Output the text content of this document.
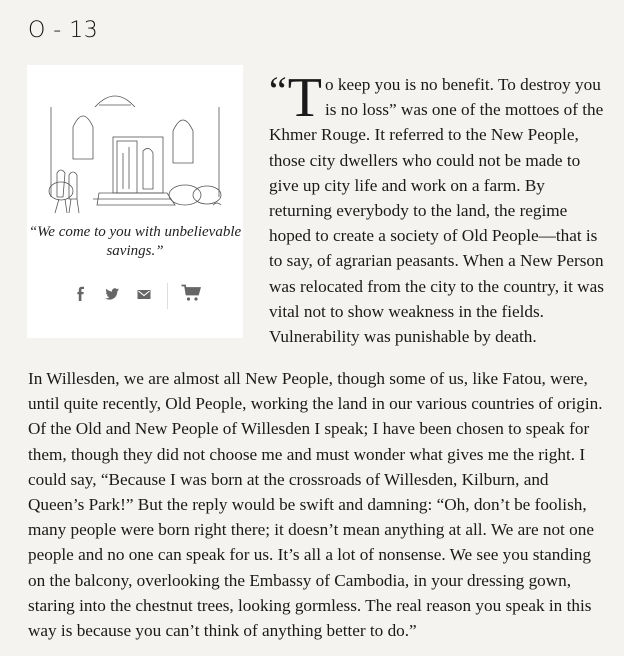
O - 13
“We come to you with unbelievable savings.”
“ T o keep you is no benefit. To destroy you is no loss” was one of the mottoes of the Khmer Rouge. It referred to the New People, those city dwellers who could not be made to give up city life and work on a farm. By returning everybody to the land, the regime hoped to create a society of Old People—that is to say, of agrarian peasants. When a New Person was relocated from the city to the country, it was vital not to show weakness in the fields. Vulnerability was punishable by death.
In Willesden, we are almost all New People, though some of us, like Fatou, were, until quite recently, Old People, working the land in our various countries of origin. Of the Old and New People of Willesden I speak; I have been chosen to speak for them, though they did not choose me and must wonder what gives me the right. I could say, “Because I was born at the crossroads of Willesden, Kilburn, and Queen’s Park!” But the reply would be swift and damning: “Oh, don’t be foolish, many people were born right there; it doesn’t mean anything at all. We are not one people and no one can speak for us. It’s all a lot of nonsense. We see you standing on the balcony, overlooking the Embassy of Cambodia, in your dressing gown, staring into the chestnut trees, looking gormless. The real reason you speak in this way is because you can’t think of anything better to do.”
